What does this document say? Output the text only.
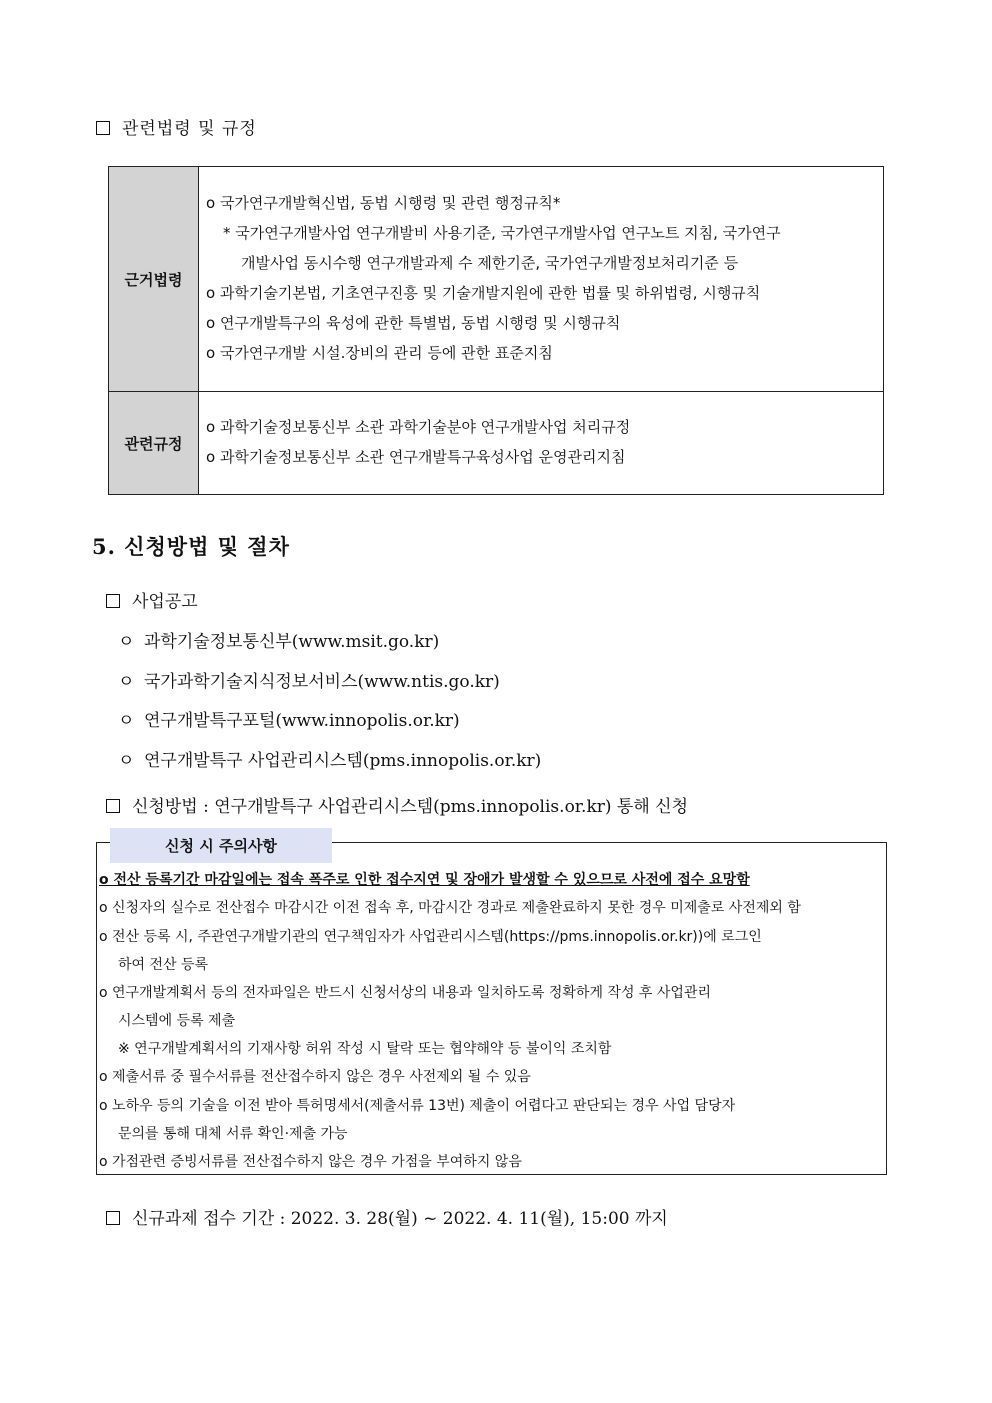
관련법령 및 규정
근거법령
o 국가연구개발혁신법, 동법 시행령 및 관련 행정규칙*
* 국가연구개발사업 연구개발비 사용기준, 국가연구개발사업 연구노트 지침, 국가연구
개발사업 동시수행 연구개발과제 수 제한기준, 국가연구개발정보처리기준 등
o 과학기술기본법, 기초연구진흥 및 기술개발지원에 관한 법률 및 하위법령, 시행규칙
o 연구개발특구의 육성에 관한 특별법, 동법 시행령 및 시행규칙
o 국가연구개발 시설.장비의 관리 등에 관한 표준지침
관련규정
o 과학기술정보통신부 소관 과학기술분야 연구개발사업 처리규정
o 과학기술정보통신부 소관 연구개발특구육성사업 운영관리지침
5. 신청방법 및 절차
사업공고
ㅇ 과학기술정보통신부(www.msit.go.kr)
ㅇ 국가과학기술지식정보서비스(www.ntis.go.kr)
ㅇ 연구개발특구포털(www.innopolis.or.kr)
ㅇ 연구개발특구 사업관리시스템(pms.innopolis.or.kr)
신청방법 : 연구개발특구 사업관리시스템(pms.innopolis.or.kr) 통해 신청
신청 시 주의사항
o 전산 등록기간 마감일에는 접속 폭주로 인한 접수지연 및 장애가 발생할 수 있으므로 사전에 접수 요망함
o 신청자의 실수로 전산접수 마감시간 이전 접속 후, 마감시간 경과로 제출완료하지 못한 경우 미제출로 사전제외 함
o 전산 등록 시, 주관연구개발기관의 연구책임자가 사업관리시스템(https://pms.innopolis.or.kr))에 로그인
하여 전산 등록
o 연구개발계획서 등의 전자파일은 반드시 신청서상의 내용과 일치하도록 정확하게 작성 후 사업관리
시스템에 등록 제출
※ 연구개발계획서의 기재사항 허위 작성 시 탈락 또는 협약해약 등 불이익 조치함
o 제출서류 중 필수서류를 전산접수하지 않은 경우 사전제외 될 수 있음
o 노하우 등의 기술을 이전 받아 특허명세서(제출서류 13번) 제출이 어렵다고 판단되는 경우 사업 담당자
문의를 통해 대체 서류 확인·제출 가능
o 가점관련 증빙서류를 전산접수하지 않은 경우 가점을 부여하지 않음
신규과제 접수 기간 : 2022. 3. 28(월) ~ 2022. 4. 11(월), 15:00 까지
